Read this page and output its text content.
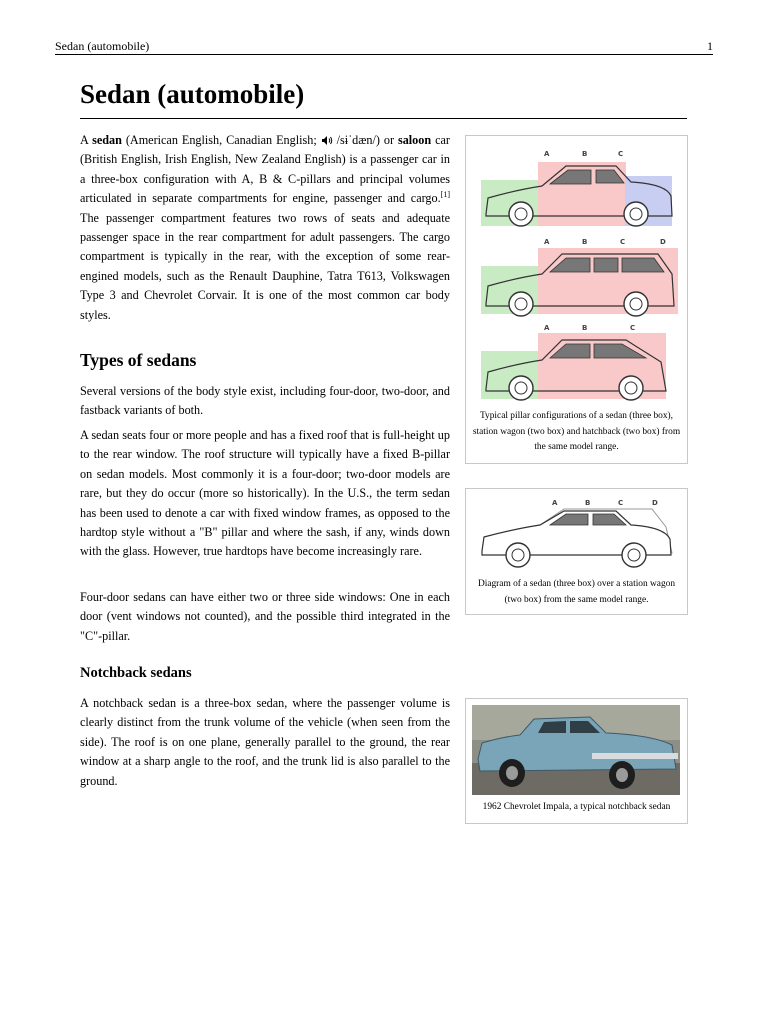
Sedan (automobile)	1
Sedan (automobile)

A sedan (American English, Canadian English;  /sɨˈdæn/) or saloon car (British English, Irish English, New Zealand English) is a passenger car in a three-box configuration with A, B & C-pillars and principal volumes articulated in separate compartments for engine, passenger and cargo.[1] The passenger compartment features two rows of seats and adequate passenger space in the rear compartment for adult passengers. The cargo compartment is typically in the rear, with the exception of some rear-engined models, such as the Renault Dauphine, Tatra T613, Volkswagen Type 3 and Chevrolet Corvair. It is one of the most common car body styles.

Types of sedans

Several versions of the body style exist, including four-door, two-door, and fastback variants of both.

A sedan seats four or more people and has a fixed roof that is full-height up to the rear window. The roof structure will typically have a fixed B-pillar on sedan models. Most commonly it is a four-door; two-door models are rare, but they do occur (more so historically). In the U.S., the term sedan has been used to denote a car with fixed window frames, as opposed to the hardtop style without a "B" pillar and where the sash, if any, winds down with the glass. However, true hardtops have become increasingly rare.

Four-door sedans can have either two or three side windows: One in each door (vent windows not counted), and the possible third integrated in the "C"-pillar.

Notchback sedans

A notchback sedan is a three-box sedan, where the passenger volume is clearly distinct from the trunk volume of the vehicle (when seen from the side). The roof is on one plane, generally parallel to the ground, the rear window at a sharp angle to the roof, and the trunk lid is also parallel to the ground.

A	B	C
A	B	C	D
A	B	C
Typical pillar configurations of a sedan (three box), station wagon (two box) and hatchback (two box) from the same model range.
A	B	C	D
Diagram of a sedan (three box) over a station wagon (two box) from the same model range.
1962 Chevrolet Impala, a typical notchback sedan
